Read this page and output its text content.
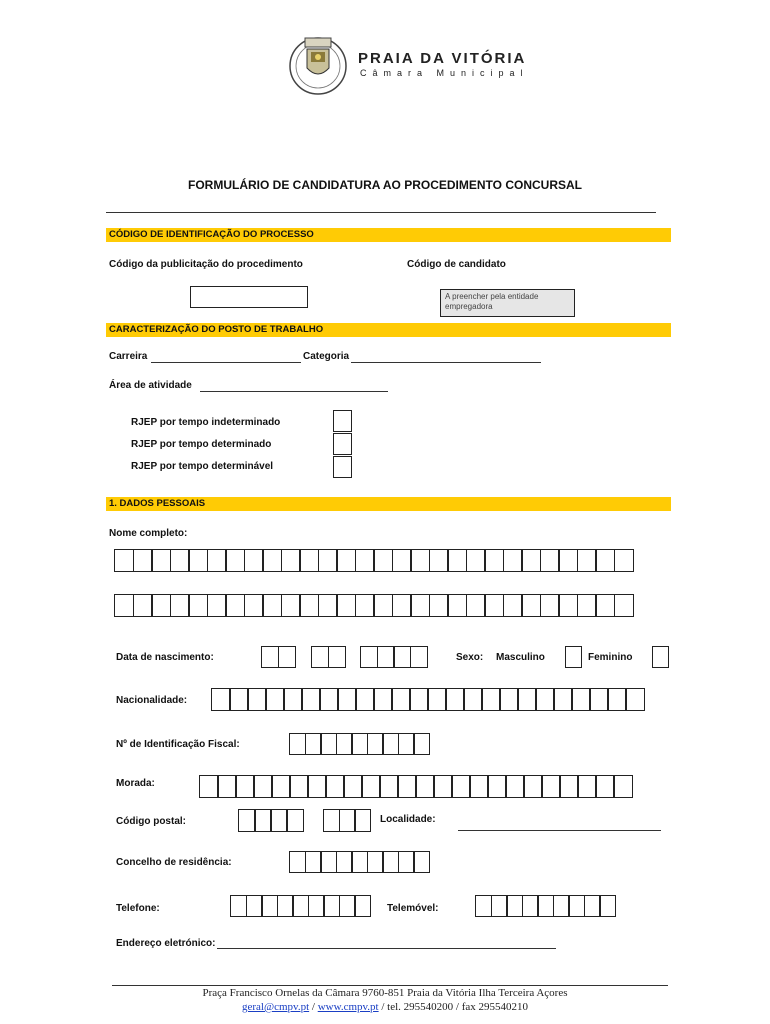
PRAIA DA VITÓRIA
Câmara Municipal
FORMULÁRIO DE CANDIDATURA AO PROCEDIMENTO CONCURSAL
CÓDIGO DE IDENTIFICAÇÃO DO PROCESSO
Código da publicitação do procedimento	Código de candidato
A preencher pela entidade empregadora
CARACTERIZAÇÃO DO POSTO DE TRABALHO
Carreira	Categoria
Área de atividade
RJEP por tempo indeterminado
RJEP por tempo determinado
RJEP por tempo determinável
1. DADOS PESSOAIS
Nome completo:
Data de nascimento:	Sexo: Masculino	Feminino
Nacionalidade:
Nº de Identificação Fiscal:
Morada:
Código postal:	Localidade:
Concelho de residência:
Telefone:	Telemóvel:
Endereço eletrónico:
Praça Francisco Ornelas da Câmara 9760-851 Praia da Vitória Ilha Terceira Açores
geral@cmpv.pt / www.cmpv.pt / tel. 295540200 / fax 295540210
